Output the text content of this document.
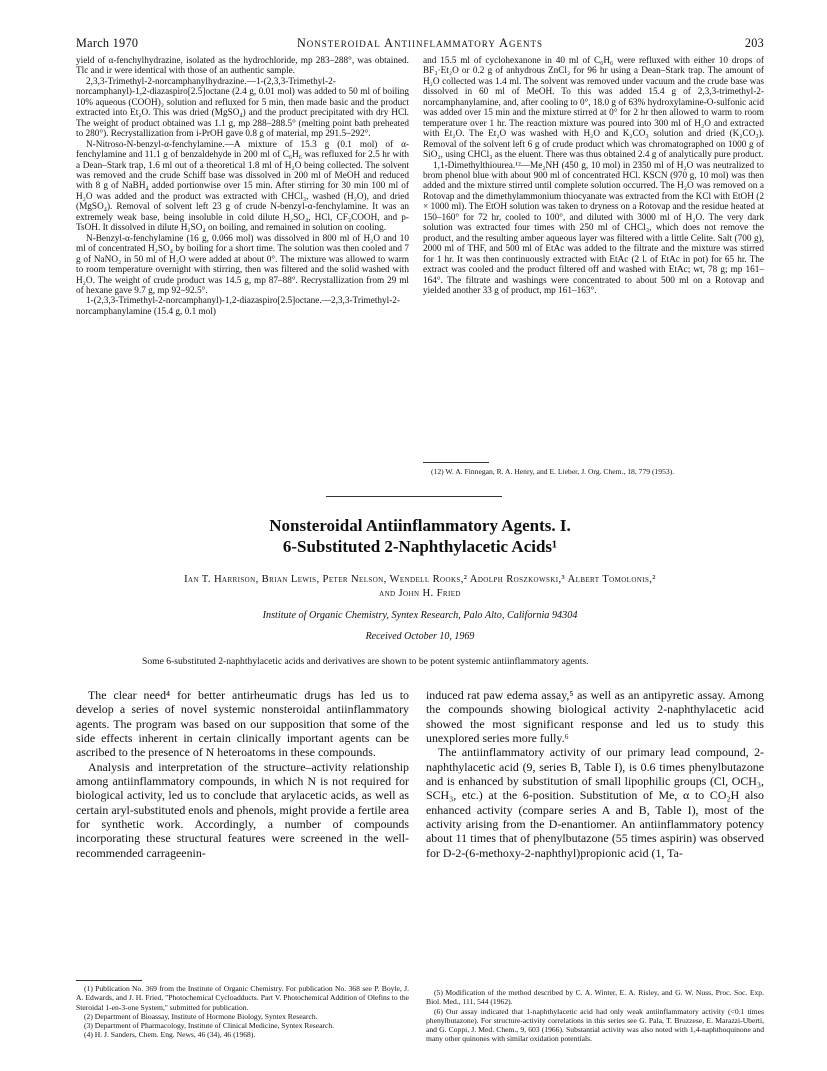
March 1970	Nonsteroidal Antiinflammatory Agents	203

yield of α-fenchylhydrazine, isolated as the hydrochloride, mp 283–288°, was obtained. Tlc and ir were identical with those of an authentic sample.

2,3,3-Trimethyl-2-norcamphanylhydrazine.—1-(2,3,3-Trimethyl-2-norcamphanyl)-1,2-diazaspiro[2.5]octane (2.4 g, 0.01 mol) was added to 50 ml of boiling 10% aqueous (COOH)₂ solution and refluxed for 5 min, then made basic and the product extracted into Et₂O. This was dried (MgSO₄) and the product precipitated with dry HCl. The weight of product obtained was 1.1 g, mp 288–288.5° (melting point bath preheated to 280°). Recrystallization from i-PrOH gave 0.8 g of material, mp 291.5–292°.

N-Nitroso-N-benzyl-α-fenchylamine.—A mixture of 15.3 g (0.1 mol) of α-fenchylamine and 11.1 g of benzaldehyde in 200 ml of C₆H₆ was refluxed for 2.5 hr with a Dean–Stark trap, 1.6 ml out of a theoretical 1.8 ml of H₂O being collected. The solvent was removed and the crude Schiff base was dissolved in 200 ml of MeOH and reduced with 8 g of NaBH₄ added portionwise over 15 min. After stirring for 30 min 100 ml of H₂O was added and the product was extracted with CHCl₃, washed (H₂O), and dried (MgSO₄). Removal of solvent left 23 g of crude N-benzyl-α-fenchylamine. It was an extremely weak base, being insoluble in cold dilute H₂SO₄, HCl, CF₃COOH, and p-TsOH. It dissolved in dilute H₂SO₄ on boiling, and remained in solution on cooling.

N-Benzyl-α-fenchylamine (16 g, 0.066 mol) was dissolved in 800 ml of H₂O and 10 ml of concentrated H₂SO₄ by boiling for a short time. The solution was then cooled and 7 g of NaNO₂ in 50 ml of H₂O were added at about 0°. The mixture was allowed to warm to room temperature overnight with stirring, then was filtered and the solid washed with H₂O. The weight of crude product was 14.5 g, mp 87–88°. Recrystallization from 29 ml of hexane gave 9.7 g, mp 92–92.5°.

1-(2,3,3-Trimethyl-2-norcamphanyl)-1,2-diazaspiro[2.5]octane.—2,3,3-Trimethyl-2-norcamphanylamine (15.4 g, 0.1 mol)

and 15.5 ml of cyclohexanone in 40 ml of C₆H₆ were refluxed with either 10 drops of BF₃·Et₂O or 0.2 g of anhydrous ZnCl₂ for 96 hr using a Dean–Stark trap. The amount of H₂O collected was 1.4 ml. The solvent was removed under vacuum and the crude base was dissolved in 60 ml of MeOH. To this was added 15.4 g of 2,3,3-trimethyl-2-norcamphanylamine, and, after cooling to 0°, 18.0 g of 63% hydroxylamine-O-sulfonic acid was added over 15 min and the mixture stirred at 0° for 2 hr then allowed to warm to room temperature over 1 hr. The reaction mixture was poured into 300 ml of H₂O and extracted with Et₂O. The Et₂O was washed with H₂O and K₂CO₃ solution and dried (K₂CO₃). Removal of the solvent left 6 g of crude product which was chromatographed on 1000 g of SiO₂, using CHCl₃ as the eluent. There was thus obtained 2.4 g of analytically pure product.

1,1-Dimethylthiourea.¹²—Me₂NH (450 g, 10 mol) in 2350 ml of H₂O was neutralized to brom phenol blue with about 900 ml of concentrated HCl. KSCN (970 g, 10 mol) was then added and the mixture stirred until complete solution occurred. The H₂O was removed on a Rotovap and the dimethylammonium thiocyanate was extracted from the KCl with EtOH (2 × 1000 ml). The EtOH solution was taken to dryness on a Rotovap and the residue heated at 150–160° for 72 hr, cooled to 100°, and diluted with 3000 ml of H₂O. The very dark solution was extracted four times with 250 ml of CHCl₃, which does not remove the product, and the resulting amber aqueous layer was filtered with a little Celite. Salt (700 g), 2000 ml of THF, and 500 ml of EtAc was added to the filtrate and the mixture was stirred for 1 hr. It was then continuously extracted with EtAc (2 l. of EtAc in pot) for 65 hr. The extract was cooled and the product filtered off and washed with EtAc; wt, 78 g; mp 161–164°. The filtrate and washings were concentrated to about 500 ml on a Rotovap and yielded another 33 g of product, mp 161–163°.

(12) W. A. Finnegan, R. A. Henry, and E. Lieber, J. Org. Chem., 18, 779 (1953).

Nonsteroidal Antiinflammatory Agents. I.
6-Substituted 2-Naphthylacetic Acids¹
Ian T. Harrison, Brian Lewis, Peter Nelson, Wendell Rooks,² Adolph Roszkowski,³ Albert Tomolonis,²
and John H. Fried
Institute of Organic Chemistry, Syntex Research, Palo Alto, California 94304
Received October 10, 1969
Some 6-substituted 2-naphthylacetic acids and derivatives are shown to be potent systemic antiinflammatory agents.

The clear need⁴ for better antirheumatic drugs has led us to develop a series of novel systemic nonsteroidal antiinflammatory agents. The program was based on our supposition that some of the side effects inherent in certain clinically important agents can be ascribed to the presence of N heteroatoms in these compounds.

Analysis and interpretation of the structure–activity relationship among antiinflammatory compounds, in which N is not required for biological activity, led us to conclude that arylacetic acids, as well as certain aryl-substituted enols and phenols, might provide a fertile area for synthetic work. Accordingly, a number of compounds incorporating these structural features were screened in the well-recommended carrageenin-

induced rat paw edema assay,⁵ as well as an antipyretic assay. Among the compounds showing biological activity 2-naphthylacetic acid showed the most significant response and led us to study this unexplored series more fully.⁶

The antiinflammatory activity of our primary lead compound, 2-naphthylacetic acid (9, series B, Table I), is 0.6 times phenylbutazone and is enhanced by substitution of small lipophilic groups (Cl, OCH₃, SCH₃, etc.) at the 6-position. Substitution of Me, α to CO₂H also enhanced activity (compare series A and B, Table I), most of the activity arising from the D-enantiomer. An antiinflammatory potency about 11 times that of phenylbutazone (55 times aspirin) was observed for D-2-(6-methoxy-2-naphthyl)propionic acid (1, Ta-

(1) Publication No. 369 from the Institute of Organic Chemistry. For publication No. 368 see P. Boyle, J. A. Edwards, and J. H. Fried, "Photochemical Cycloadducts. Part V. Photochemical Addition of Olefins to the Steroidal 1-en-3-one System," submitted for publication.

(2) Department of Bioassay, Institute of Hormone Biology, Syntex Research.

(3) Department of Pharmacology, Institute of Clinical Medicine, Syntex Research.

(4) H. J. Sanders, Chem. Eng. News, 46 (34), 46 (1968).

(5) Modification of the method described by C. A. Winter, E. A. Risley, and G. W. Nuss, Proc. Soc. Exp. Biol. Med., 111, 544 (1962).

(6) Our assay indicated that 1-naphthylacetic acid had only weak antiinflammatory activity (<0.1 times phenylbutazone). For structure-activity correlations in this series see G. Pala, T. Bruzzese, E. Marazzi-Uberti, and G. Coppi, J. Med. Chem., 9, 603 (1966). Substantial activity was also noted with 1,4-naphthoquinone and many other quinones with similar oxidation potentials.
